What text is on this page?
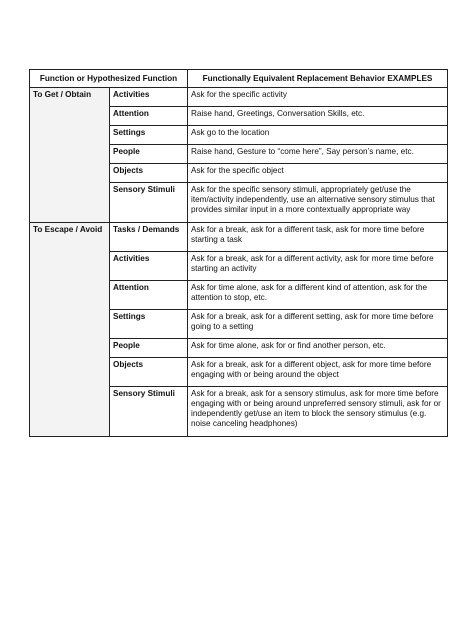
Function or Hypothesized Function		Functionally Equivalent Replacement Behavior EXAMPLES
To Get / Obtain	Activities	Ask for the specific activity
	Attention	Raise hand, Greetings, Conversation Skills, etc.
	Settings	Ask go to the location
	People	Raise hand, Gesture to “come here”, Say person’s name, etc.
	Objects	Ask for the specific object
	Sensory Stimuli	Ask for the specific sensory stimuli, appropriately get/use the item/activity independently, use an alternative sensory stimulus that provides similar input in a more contextually appropriate way
To Escape / Avoid	Tasks / Demands	Ask for a break, ask for a different task, ask for more time before starting a task
	Activities	Ask for a break, ask for a different activity, ask for more time before starting an activity
	Attention	Ask for time alone, ask for a different kind of attention, ask for the attention to stop, etc.
	Settings	Ask for a break, ask for a different setting, ask for more time before going to a setting
	People	Ask for time alone, ask for or find another person, etc.
	Objects	Ask for a break, ask for a different object, ask for more time before engaging with or being around the object
	Sensory Stimuli	Ask for a break, ask for a sensory stimulus, ask for more time before engaging with or being around unpreferred sensory stimuli, ask for or independently get/use an item to block the sensory stimulus (e.g. noise canceling headphones)
